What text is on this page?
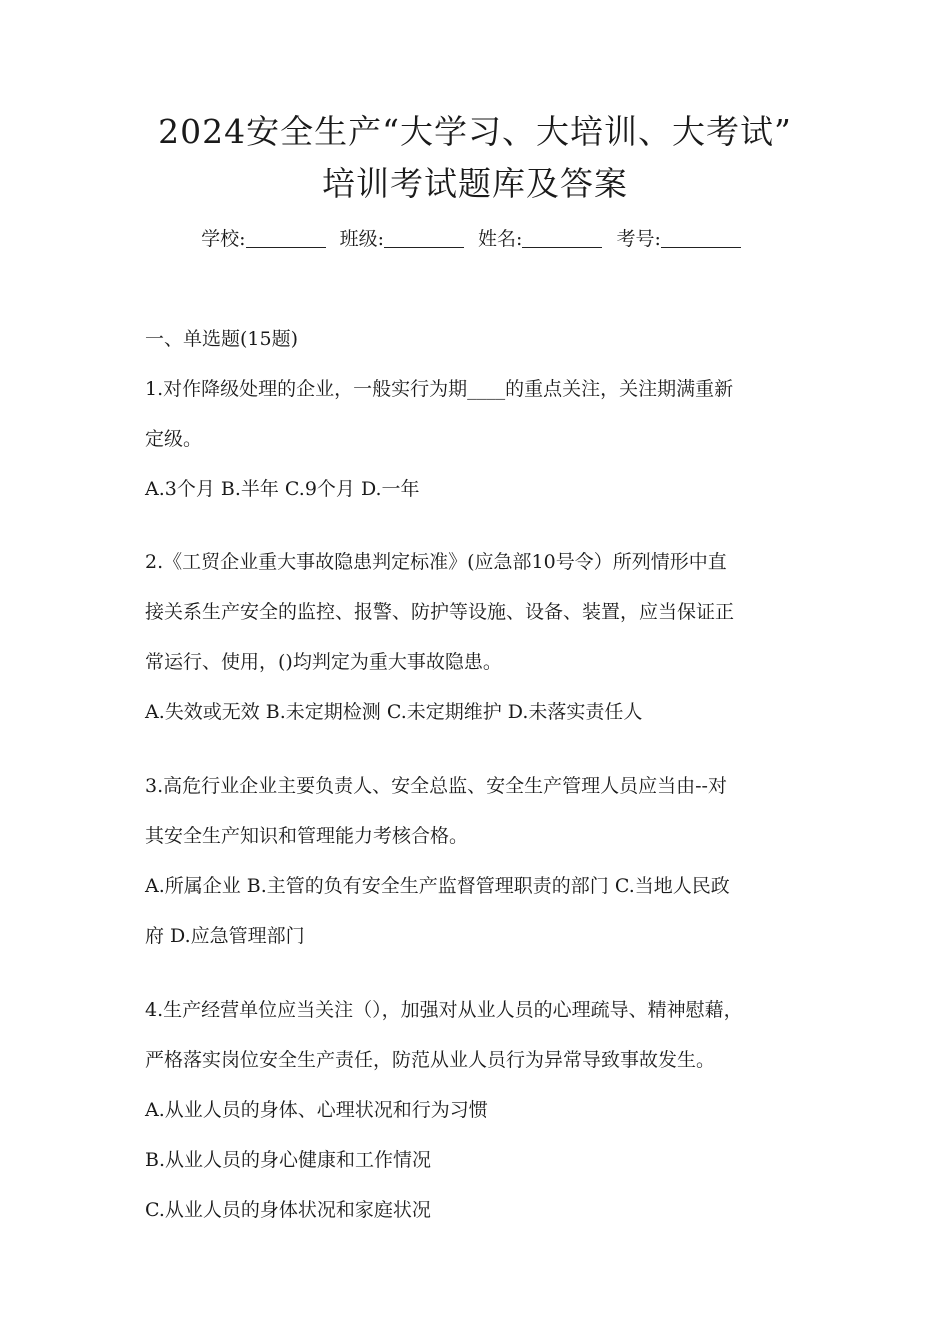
2024安全生产“大学习、大培训、大考试”
培训考试题库及答案
学校:	班级:	姓名:	考号:
一、单选题(15题)
1.对作降级处理的企业，一般实行为期____的重点关注，关注期满重新
定级。
A.3个月 B.半年 C.9个月 D.一年
2.《工贸企业重大事故隐患判定标准》(应急部10号令）所列情形中直
接关系生产安全的监控、报警、防护等设施、设备、装置，应当保证正
常运行、使用，()均判定为重大事故隐患。
A.失效或无效 B.未定期检测 C.未定期维护 D.未落实责任人
3.高危行业企业主要负责人、安全总监、安全生产管理人员应当由--对
其安全生产知识和管理能力考核合格。
A.所属企业 B.主管的负有安全生产监督管理职责的部门 C.当地人民政
府 D.应急管理部门
4.生产经营单位应当关注（），加强对从业人员的心理疏导、精神慰藉，
严格落实岗位安全生产责任，防范从业人员行为异常导致事故发生。
A.从业人员的身体、心理状况和行为习惯
B.从业人员的身心健康和工作情况
C.从业人员的身体状况和家庭状况
